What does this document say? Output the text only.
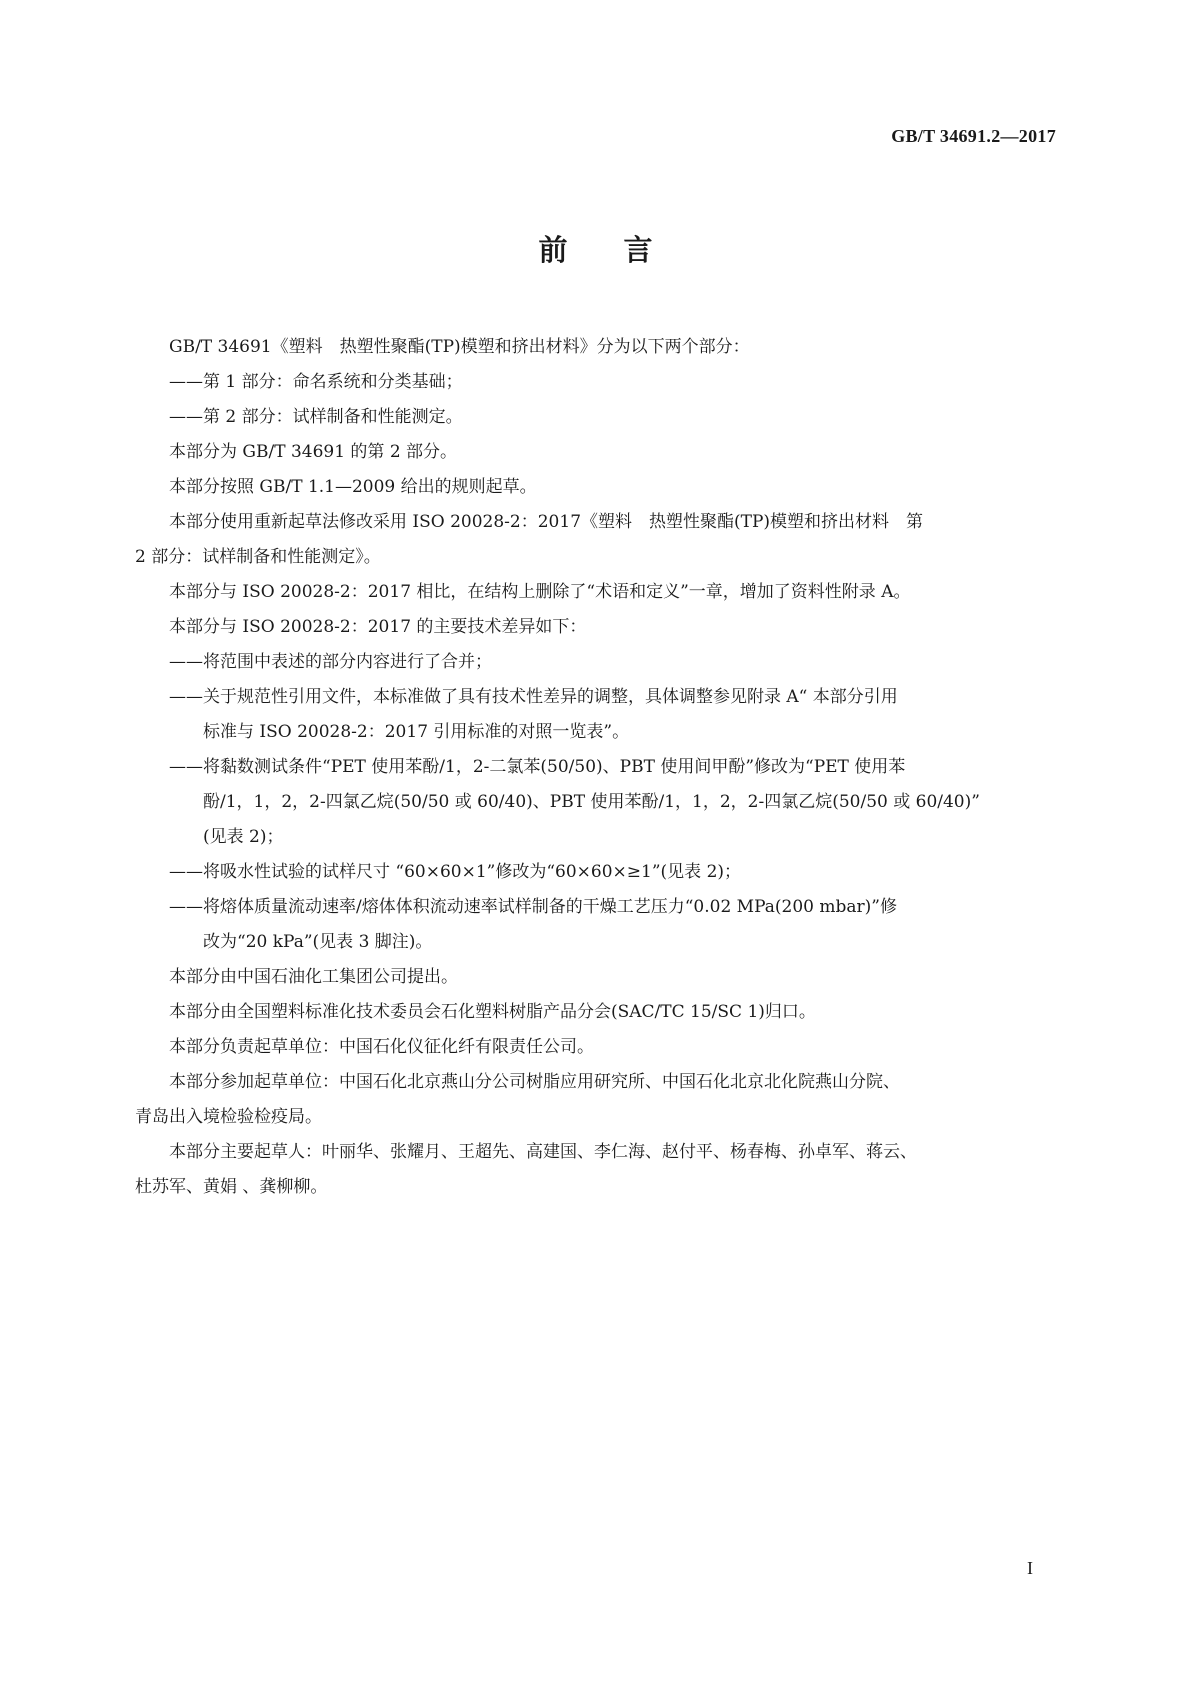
GB/T 34691.2—2017
前 言
GB/T 34691《塑料　热塑性聚酯(TP)模塑和挤出材料》分为以下两个部分：
——第 1 部分：命名系统和分类基础；
——第 2 部分：试样制备和性能测定。
本部分为 GB/T 34691 的第 2 部分。
本部分按照 GB/T 1.1—2009 给出的规则起草。
本部分使用重新起草法修改采用 ISO 20028-2：2017《塑料　热塑性聚酯(TP)模塑和挤出材料　第
2 部分：试样制备和性能测定》。
本部分与 ISO 20028-2：2017 相比，在结构上删除了“术语和定义”一章，增加了资料性附录 A。
本部分与 ISO 20028-2：2017 的主要技术差异如下：
——将范围中表述的部分内容进行了合并；
——关于规范性引用文件，本标准做了具有技术性差异的调整，具体调整参见附录 A“ 本部分引用
标准与 ISO 20028-2：2017 引用标准的对照一览表”。
——将黏数测试条件“PET 使用苯酚/1，2-二氯苯(50/50)、PBT 使用间甲酚”修改为“PET 使用苯
酚/1，1，2，2-四氯乙烷(50/50 或 60/40)、PBT 使用苯酚/1，1，2，2-四氯乙烷(50/50 或 60/40)”
(见表 2)；
——将吸水性试验的试样尺寸 “60×60×1”修改为“60×60×≥1”(见表 2)；
——将熔体质量流动速率/熔体体积流动速率试样制备的干燥工艺压力“0.02 MPa(200 mbar)”修
改为“20 kPa”(见表 3 脚注)。
本部分由中国石油化工集团公司提出。
本部分由全国塑料标准化技术委员会石化塑料树脂产品分会(SAC/TC 15/SC 1)归口。
本部分负责起草单位：中国石化仪征化纤有限责任公司。
本部分参加起草单位：中国石化北京燕山分公司树脂应用研究所、中国石化北京北化院燕山分院、
青岛出入境检验检疫局。
本部分主要起草人：叶丽华、张耀月、王超先、高建国、李仁海、赵付平、杨春梅、孙卓军、蒋云、
杜苏军、黄娟 、龚柳柳。
I
